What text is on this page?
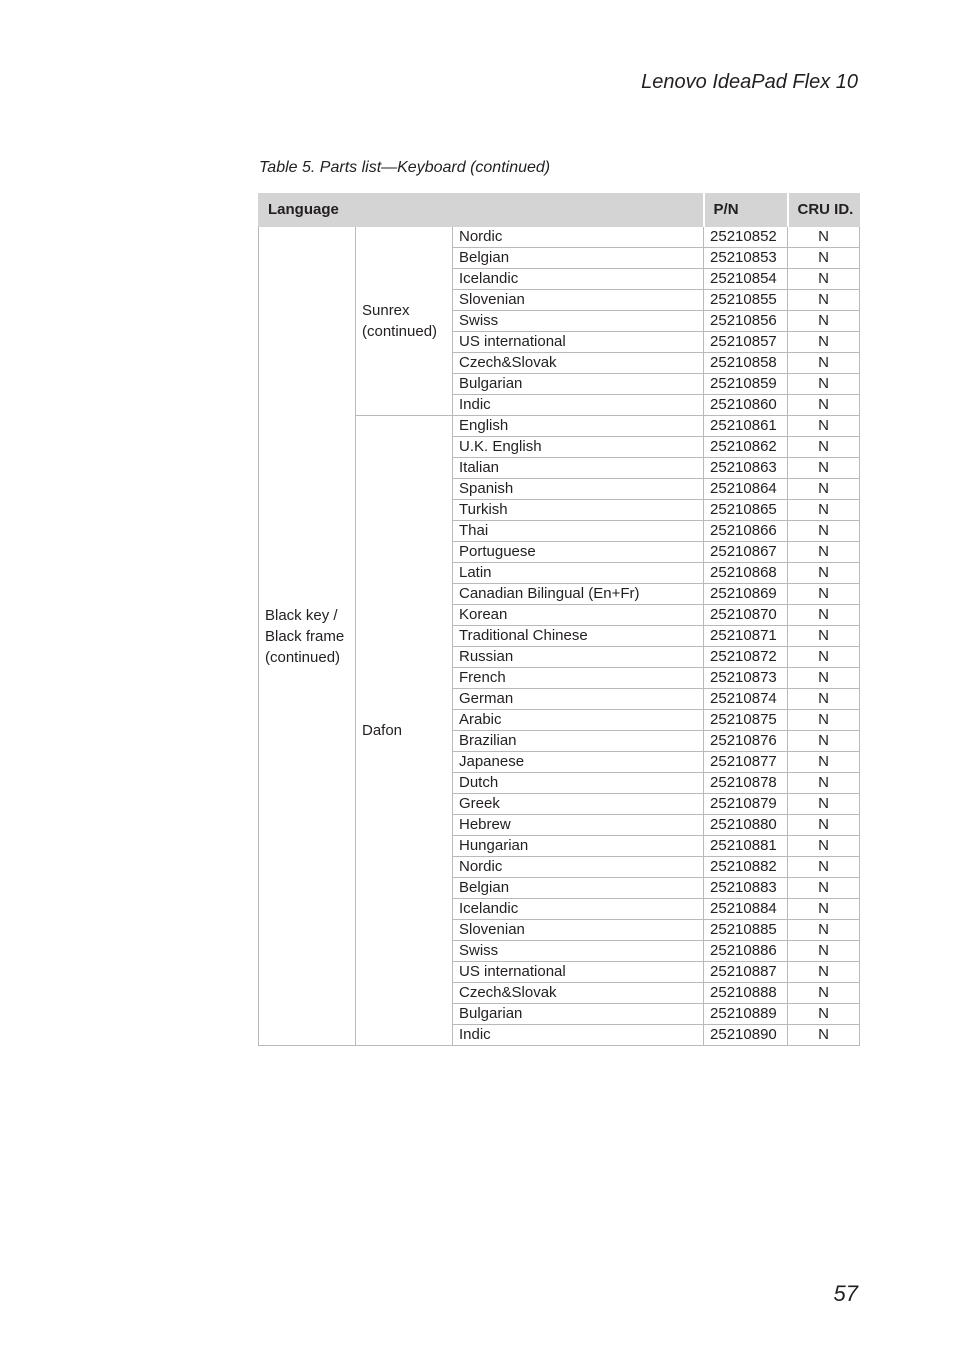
Lenovo IdeaPad Flex 10
Table 5. Parts list—Keyboard (continued)
Language			P/N	CRU ID.
Black key / Black frame (continued)	Sunrex (continued)	Nordic	25210852	N
		Belgian	25210853	N
		Icelandic	25210854	N
		Slovenian	25210855	N
		Swiss	25210856	N
		US international	25210857	N
		Czech&Slovak	25210858	N
		Bulgarian	25210859	N
		Indic	25210860	N
	Dafon	English	25210861	N
		U.K. English	25210862	N
		Italian	25210863	N
		Spanish	25210864	N
		Turkish	25210865	N
		Thai	25210866	N
		Portuguese	25210867	N
		Latin	25210868	N
		Canadian Bilingual (En+Fr)	25210869	N
		Korean	25210870	N
		Traditional Chinese	25210871	N
		Russian	25210872	N
		French	25210873	N
		German	25210874	N
		Arabic	25210875	N
		Brazilian	25210876	N
		Japanese	25210877	N
		Dutch	25210878	N
		Greek	25210879	N
		Hebrew	25210880	N
		Hungarian	25210881	N
		Nordic	25210882	N
		Belgian	25210883	N
		Icelandic	25210884	N
		Slovenian	25210885	N
		Swiss	25210886	N
		US international	25210887	N
		Czech&Slovak	25210888	N
		Bulgarian	25210889	N
		Indic	25210890	N
57
